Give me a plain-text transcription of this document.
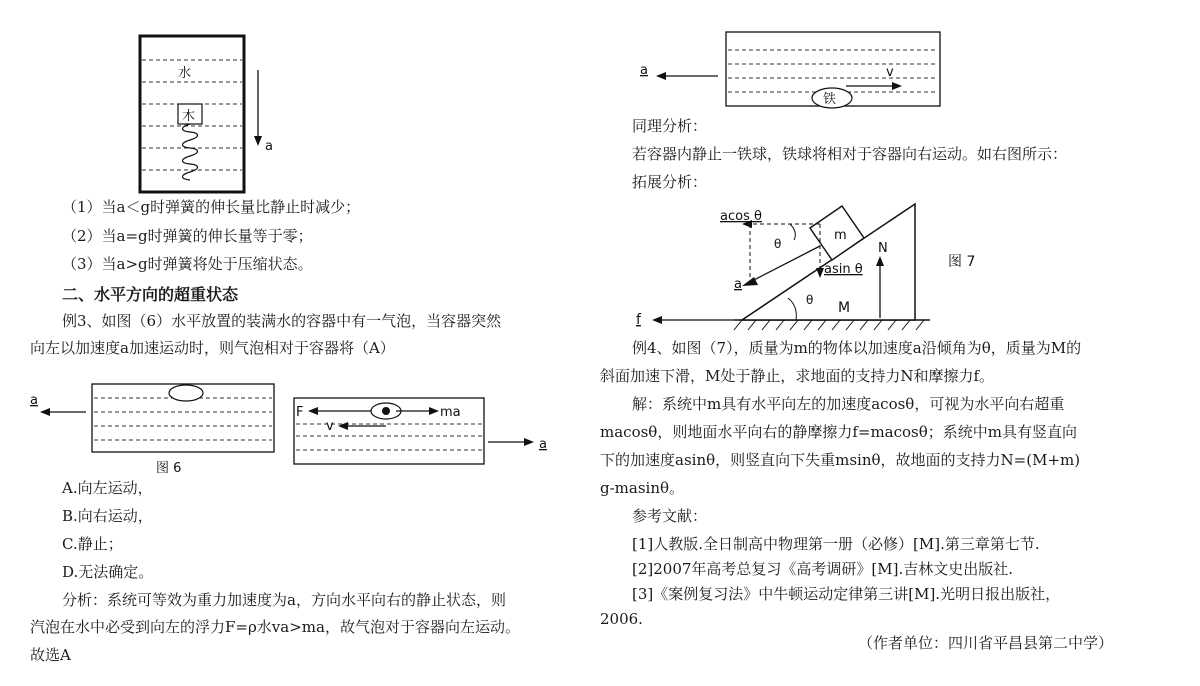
水
木
a
（1）当a＜g时弹簧的伸长量比静止时减少；
（2）当a=g时弹簧的伸长量等于零；
（3）当a>g时弹簧将处于压缩状态。
二、水平方向的超重状态
例3、如图（6）水平放置的装满水的容器中有一气泡，当容器突然
向左以加速度a加速运动时，则气泡相对于容器将（A）
a
图 6
F	ma
v
a
A.向左运动，
B.向右运动，
C.静止；
D.无法确定。
分析：系统可等效为重力加速度为a，方向水平向右的静止状态，则
汽泡在水中必受到向左的浮力F=ρ水va>ma，故气泡对于容器向左运动。
故选A
a	v
铁
同理分析：
若容器内静止一铁球，铁球将相对于容器向右运动。如右图所示：
拓展分析：
m
a
acos θ
θ
asin θ
N
θ M
f
图 7
例4、如图（7），质量为m的物体以加速度a沿倾角为θ，质量为M的
斜面加速下滑，M处于静止，求地面的支持力N和摩擦力f。
解：系统中m具有水平向左的加速度acosθ，可视为水平向右超重
macosθ，则地面水平向右的静摩擦力f=macosθ；系统中m具有竖直向
下的加速度asinθ，则竖直向下失重msinθ，故地面的支持力N=(M+m)
g-masinθ。
参考文献：
[1]人教版.全日制高中物理第一册（必修）[M].第三章第七节.
[2]2007年高考总复习《高考调研》[M].吉林文史出版社.
[3]《案例复习法》中牛顿运动定律第三讲[M].光明日报出版社，
2006.
（作者单位：四川省平昌县第二中学）
